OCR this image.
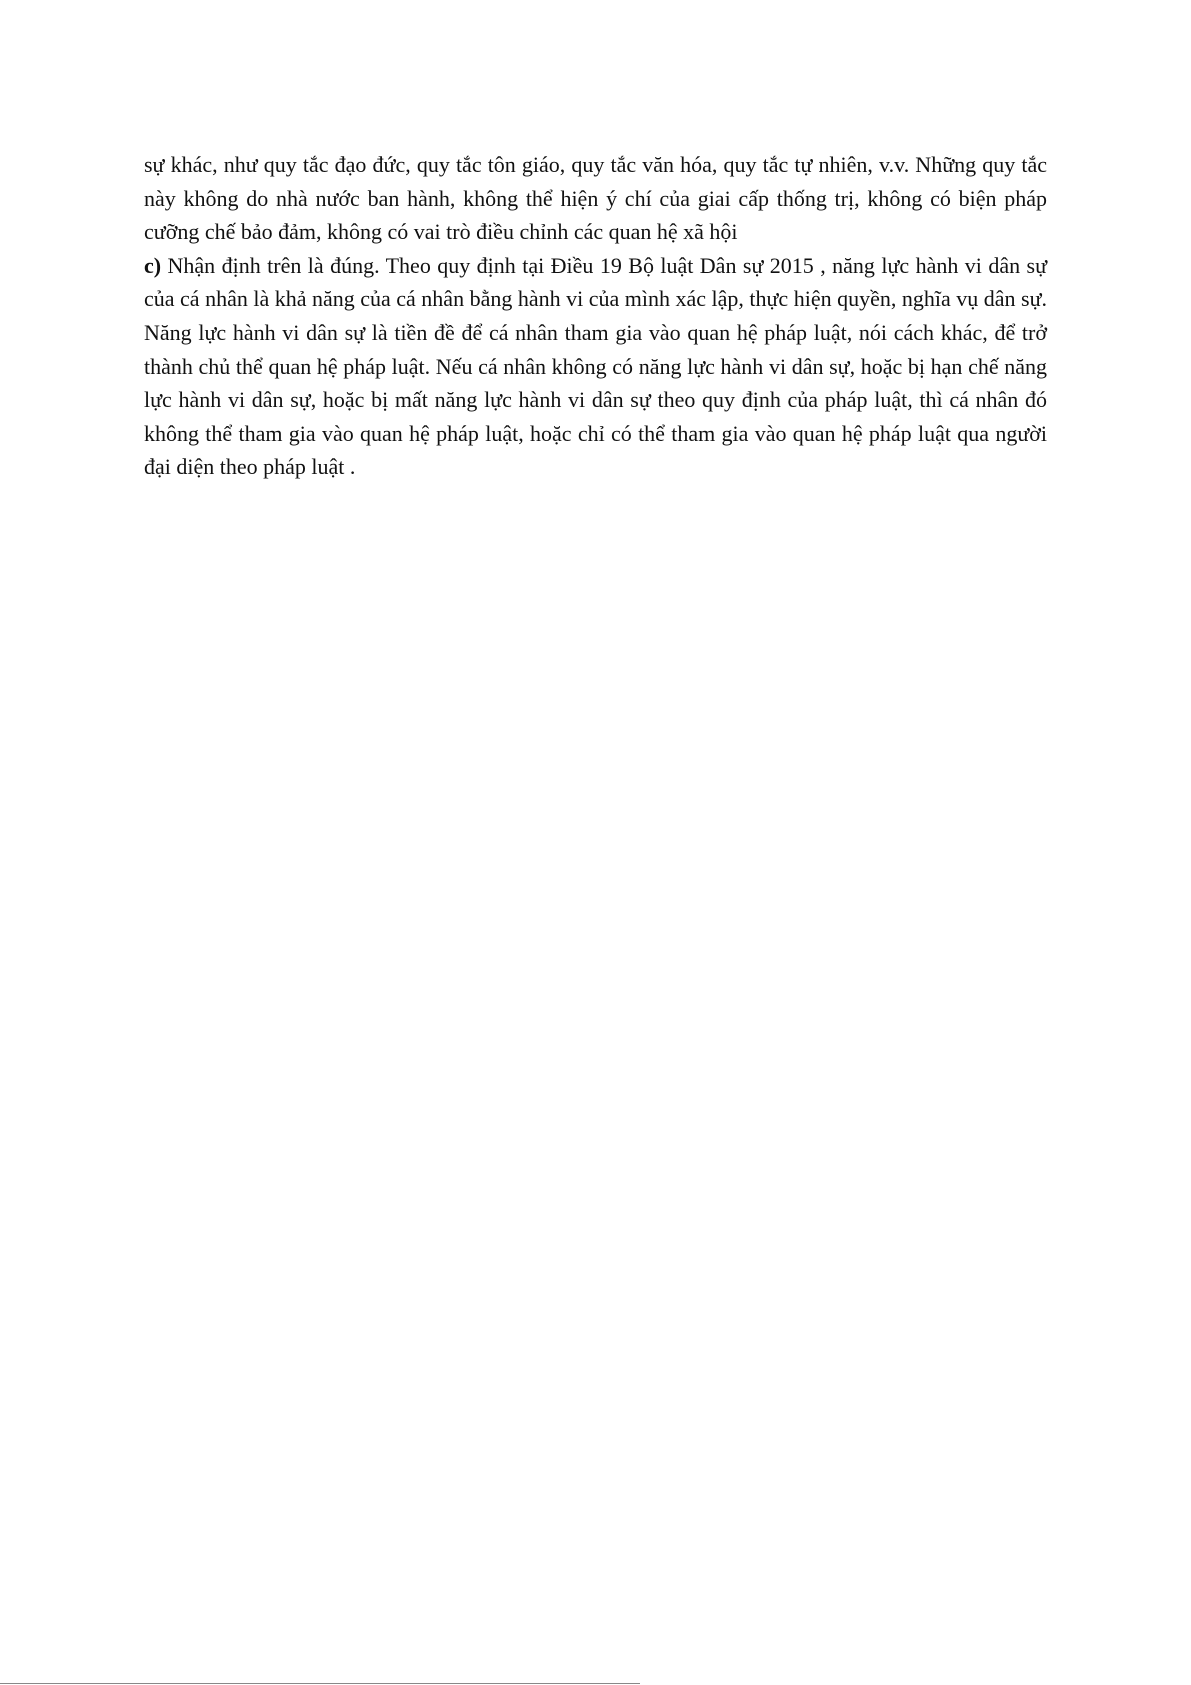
sự khác, như quy tắc đạo đức, quy tắc tôn giáo, quy tắc văn hóa, quy tắc tự nhiên, v.v. Những quy tắc này không do nhà nước ban hành, không thể hiện ý chí của giai cấp thống trị, không có biện pháp cưỡng chế bảo đảm, không có vai trò điều chỉnh các quan hệ xã hội

c) Nhận định trên là đúng. Theo quy định tại Điều 19 Bộ luật Dân sự 2015 , năng lực hành vi dân sự của cá nhân là khả năng của cá nhân bằng hành vi của mình xác lập, thực hiện quyền, nghĩa vụ dân sự. Năng lực hành vi dân sự là tiền đề để cá nhân tham gia vào quan hệ pháp luật, nói cách khác, để trở thành chủ thể quan hệ pháp luật. Nếu cá nhân không có năng lực hành vi dân sự, hoặc bị hạn chế năng lực hành vi dân sự, hoặc bị mất năng lực hành vi dân sự theo quy định của pháp luật, thì cá nhân đó không thể tham gia vào quan hệ pháp luật, hoặc chỉ có thể tham gia vào quan hệ pháp luật qua người đại diện theo pháp luật .
